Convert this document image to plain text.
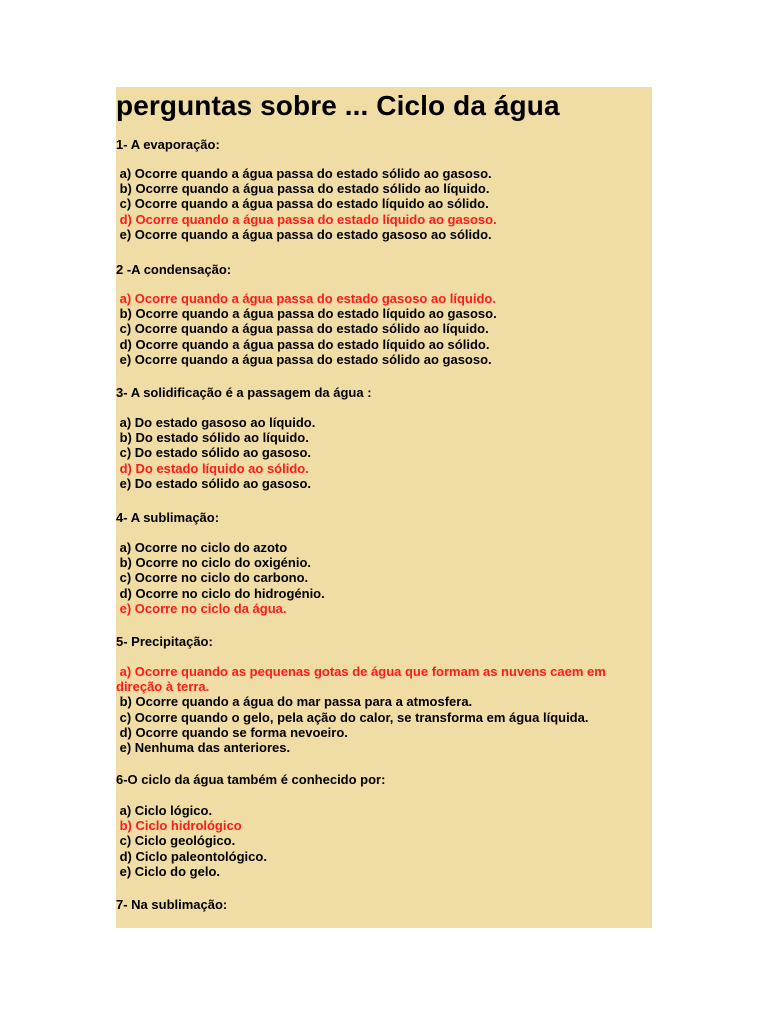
perguntas sobre ... Ciclo da água
1- A evaporação:
a) Ocorre quando a água passa do estado sólido ao gasoso.
b) Ocorre quando a água passa do estado sólido ao líquido.
c) Ocorre quando a água passa do estado líquido ao sólido.
d) Ocorre quando a água passa do estado líquido ao gasoso.
e) Ocorre quando a água passa do estado gasoso ao sólido.
2 -A condensação:
a) Ocorre quando a água passa do estado gasoso ao líquido.
b) Ocorre quando a água passa do estado líquido ao gasoso.
c) Ocorre quando a água passa do estado sólido ao líquido.
d) Ocorre quando a água passa do estado líquido ao sólido.
e) Ocorre quando a água passa do estado sólido ao gasoso.
3- A solidificação é a passagem da água :
a) Do estado gasoso ao líquido.
b) Do estado sólido ao líquido.
c) Do estado sólido ao gasoso.
d) Do estado líquido ao sólido.
e) Do estado sólido ao gasoso.
4- A sublimação:
a) Ocorre no ciclo do azoto
b) Ocorre no ciclo do oxigénio.
c) Ocorre no ciclo do carbono.
d) Ocorre no ciclo do hidrogénio.
e) Ocorre no ciclo da água.
5- Precipitação:
a) Ocorre quando as pequenas gotas de água que formam as nuvens caem em direção à terra.
b) Ocorre quando a água do mar passa para a atmosfera.
c) Ocorre quando o gelo, pela ação do calor, se transforma em água líquida.
d) Ocorre quando se forma nevoeiro.
e) Nenhuma das anteriores.
6-O ciclo da água também é conhecido por:
a) Ciclo lógico.
b) Ciclo hidrológico
c) Ciclo geológico.
d) Ciclo paleontológico.
e) Ciclo do gelo.
7- Na sublimação:
